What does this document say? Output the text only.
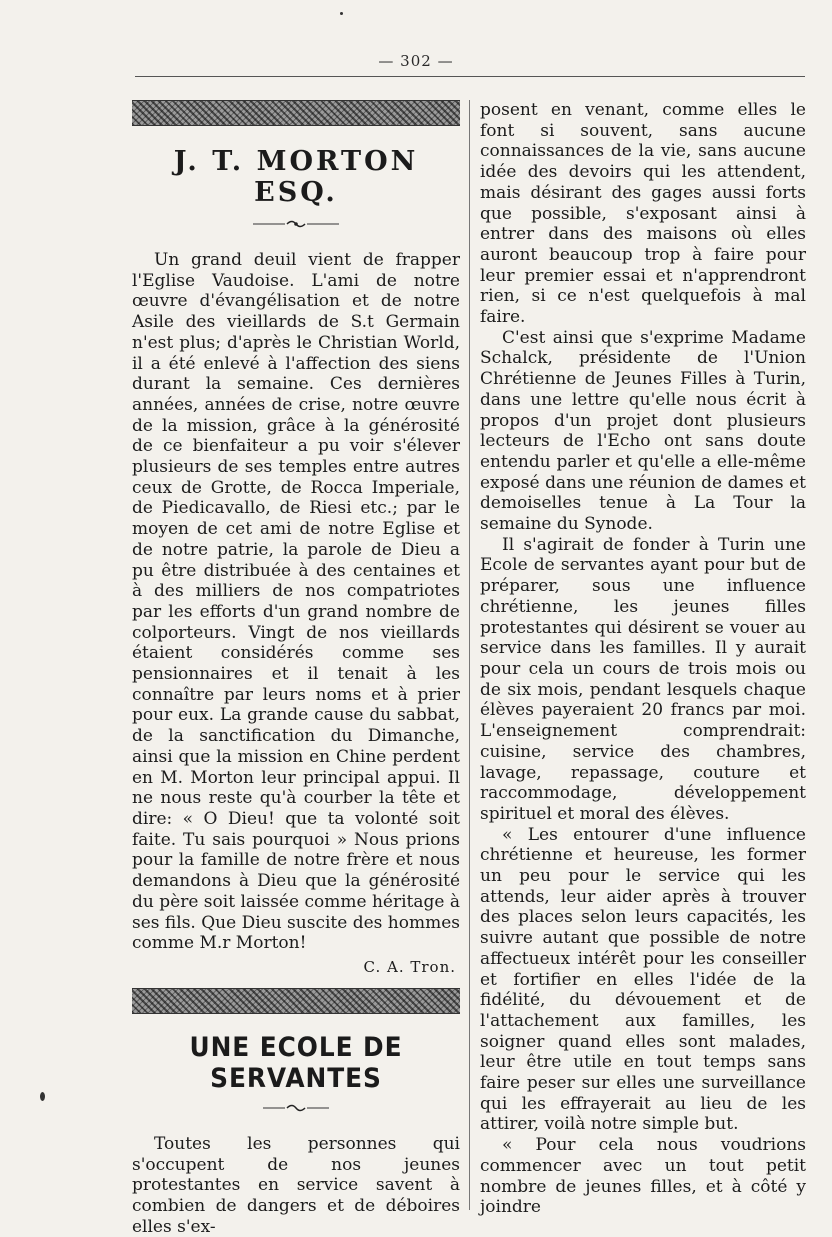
— 302 —
J. T. MORTON ESQ.

Un grand deuil vient de frapper l'Eglise Vaudoise. L'ami de notre œuvre d'évangélisation et de notre Asile des vieillards de S.t Germain n'est plus; d'après le Christian World, il a été enlevé à l'affection des siens durant la semaine. Ces dernières années, années de crise, notre œuvre de la mission, grâce à la générosité de ce bienfaiteur a pu voir s'élever plusieurs de ses temples entre autres ceux de Grotte, de Rocca Imperiale, de Piedicavallo, de Riesi etc.; par le moyen de cet ami de notre Eglise et de notre patrie, la parole de Dieu a pu être distribuée à des centaines et à des milliers de nos compatriotes par les efforts d'un grand nombre de colporteurs. Vingt de nos vieillards étaient considérés comme ses pensionnaires et il tenait à les connaître par leurs noms et à prier pour eux. La grande cause du sabbat, de la sanctification du Dimanche, ainsi que la mission en Chine perdent en M. Morton leur principal appui. Il ne nous reste qu'à courber la tête et dire: « O Dieu! que ta volonté soit faite. Tu sais pourquoi » Nous prions pour la famille de notre frère et nous demandons à Dieu que la générosité du père soit laissée comme héritage à ses fils. Que Dieu suscite des hommes comme M.r Morton!

C. A. Tron.
UNE ECOLE DE SERVANTES

Toutes les personnes qui s'occupent de nos jeunes protestantes en service savent à combien de dangers et de déboires elles s'ex-

posent en venant, comme elles le font si souvent, sans aucune connaissances de la vie, sans aucune idée des devoirs qui les attendent, mais désirant des gages aussi forts que possible, s'exposant ainsi à entrer dans des maisons où elles auront beaucoup trop à faire pour leur premier essai et n'apprendront rien, si ce n'est quelquefois à mal faire.

C'est ainsi que s'exprime Madame Schalck, présidente de l'Union Chrétienne de Jeunes Filles à Turin, dans une lettre qu'elle nous écrit à propos d'un projet dont plusieurs lecteurs de l'Echo ont sans doute entendu parler et qu'elle a elle-même exposé dans une réunion de dames et demoiselles tenue à La Tour la semaine du Synode.

Il s'agirait de fonder à Turin une Ecole de servantes ayant pour but de préparer, sous une influence chrétienne, les jeunes filles protestantes qui désirent se vouer au service dans les familles. Il y aurait pour cela un cours de trois mois ou de six mois, pendant lesquels chaque élèves payeraient 20 francs par moi. L'enseignement comprendrait: cuisine, service des chambres, lavage, repassage, couture et raccommodage, développement spirituel et moral des élèves.

« Les entourer d'une influence chrétienne et heureuse, les former un peu pour le service qui les attends, leur aider après à trouver des places selon leurs capacités, les suivre autant que possible de notre affectueux intérêt pour les conseiller et fortifier en elles l'idée de la fidélité, du dévouement et de l'attachement aux familles, les soigner quand elles sont malades, leur être utile en tout temps sans faire peser sur elles une surveillance qui les effrayerait au lieu de les attirer, voilà notre simple but.

« Pour cela nous voudrions commencer avec un tout petit nombre de jeunes filles, et à côté y joindre
